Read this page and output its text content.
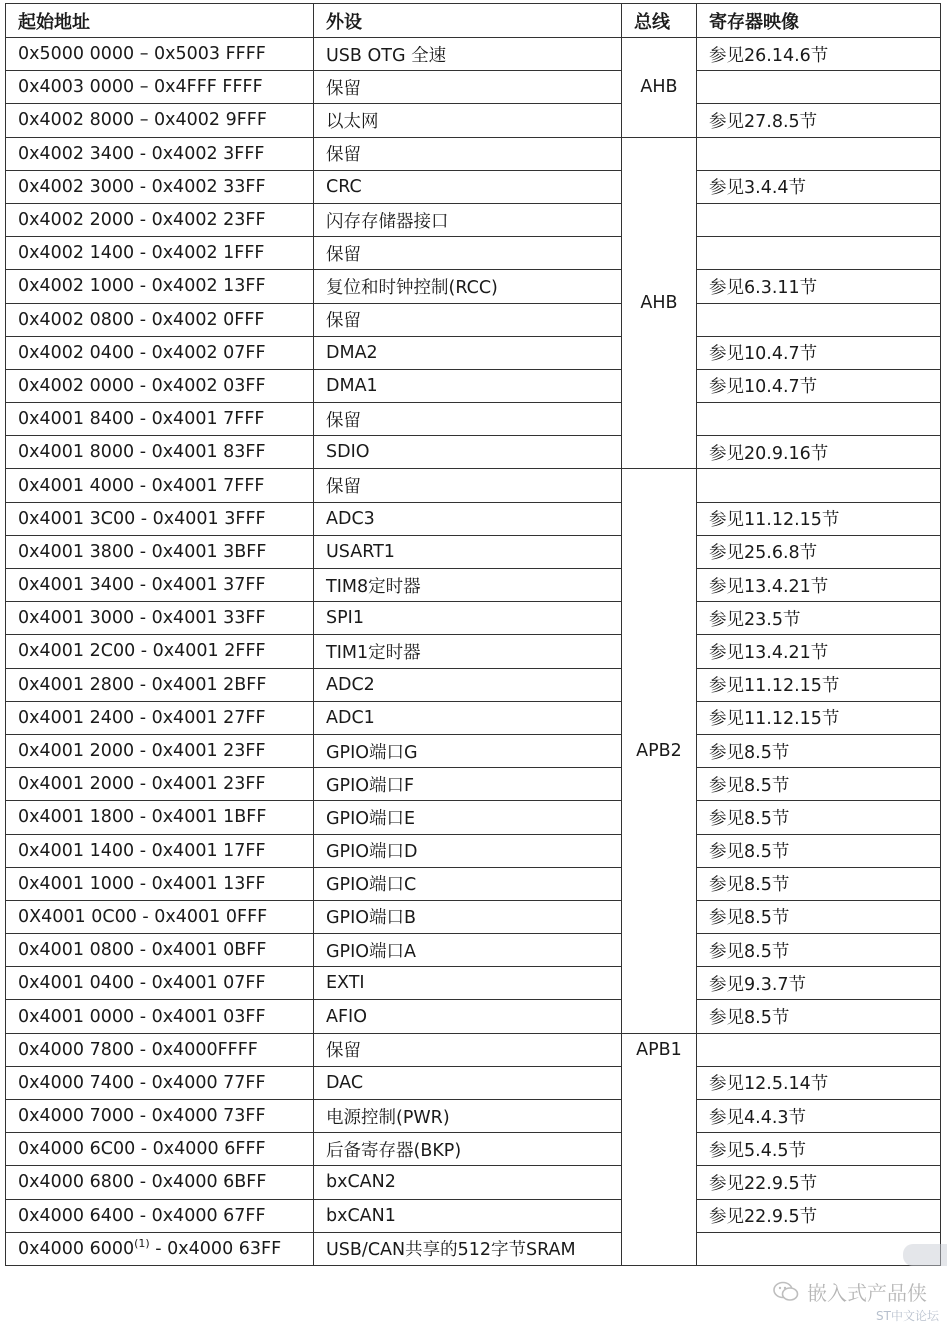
起始地址	外设	总线	寄存器映像
0x5000 0000 – 0x5003 FFFF	USB OTG 全速	AHB	参见26.14.6节
0x4003 0000 – 0x4FFF FFFF	保留		
0x4002 8000 – 0x4002 9FFF	以太网		参见27.8.5节
0x4002 3400 - 0x4002 3FFF	保留	AHB	
0x4002 3000 - 0x4002 33FF	CRC		参见3.4.4节
0x4002 2000 - 0x4002 23FF	闪存存储器接口		
0x4002 1400 - 0x4002 1FFF	保留		
0x4002 1000 - 0x4002 13FF	复位和时钟控制(RCC)		参见6.3.11节
0x4002 0800 - 0x4002 0FFF	保留		
0x4002 0400 - 0x4002 07FF	DMA2		参见10.4.7节
0x4002 0000 - 0x4002 03FF	DMA1		参见10.4.7节
0x4001 8400 - 0x4001 7FFF	保留		
0x4001 8000 - 0x4001 83FF	SDIO		参见20.9.16节
0x4001 4000 - 0x4001 7FFF	保留	APB2	
0x4001 3C00 - 0x4001 3FFF	ADC3		参见11.12.15节
0x4001 3800 - 0x4001 3BFF	USART1		参见25.6.8节
0x4001 3400 - 0x4001 37FF	TIM8定时器		参见13.4.21节
0x4001 3000 - 0x4001 33FF	SPI1		参见23.5节
0x4001 2C00 - 0x4001 2FFF	TIM1定时器		参见13.4.21节
0x4001 2800 - 0x4001 2BFF	ADC2		参见11.12.15节
0x4001 2400 - 0x4001 27FF	ADC1		参见11.12.15节
0x4001 2000 - 0x4001 23FF	GPIO端口G		参见8.5节
0x4001 2000 - 0x4001 23FF	GPIO端口F		参见8.5节
0x4001 1800 - 0x4001 1BFF	GPIO端口E		参见8.5节
0x4001 1400 - 0x4001 17FF	GPIO端口D		参见8.5节
0x4001 1000 - 0x4001 13FF	GPIO端口C		参见8.5节
0X4001 0C00 - 0x4001 0FFF	GPIO端口B		参见8.5节
0x4001 0800 - 0x4001 0BFF	GPIO端口A		参见8.5节
0x4001 0400 - 0x4001 07FF	EXTI		参见9.3.7节
0x4001 0000 - 0x4001 03FF	AFIO		参见8.5节
0x4000 7800 - 0x4000FFFF	保留	APB1	
0x4000 7400 - 0x4000 77FF	DAC		参见12.5.14节
0x4000 7000 - 0x4000 73FF	电源控制(PWR)		参见4.4.3节
0x4000 6C00 - 0x4000 6FFF	后备寄存器(BKP)		参见5.4.5节
0x4000 6800 - 0x4000 6BFF	bxCAN2		参见22.9.5节
0x4000 6400 - 0x4000 67FF	bxCAN1		参见22.9.5节
0x4000 6000$^{(1)}$ - 0x4000 63FF	USB/CAN共享的512字节SRAM		
嵌入式产品侠
ST中文论坛
